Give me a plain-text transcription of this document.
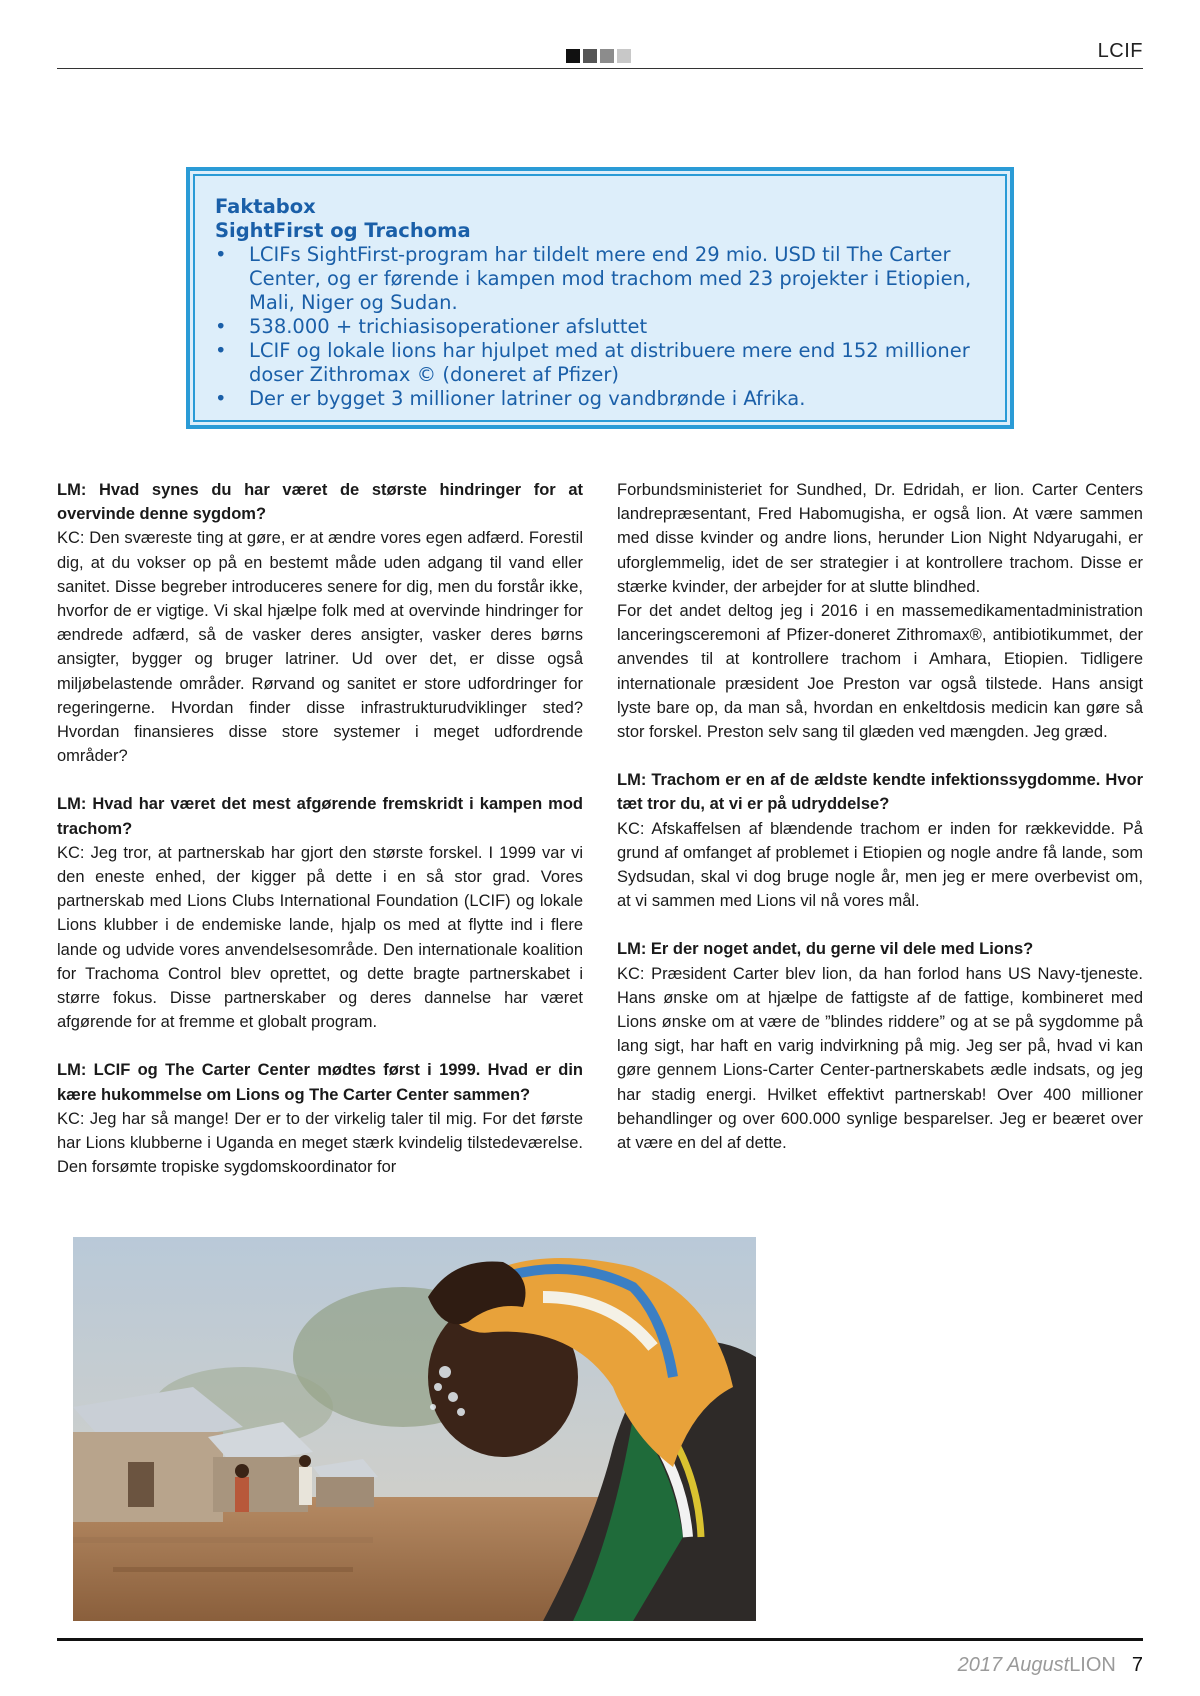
LCIF
Faktabox
SightFirst og Trachoma
• LCIFs SightFirst-program har tildelt mere end 29 mio. USD til The Carter Center, og er førende i kampen mod trachom med 23 projekter i Etiopien, Mali, Niger og Sudan.
• 538.000 + trichiasisoperationer afsluttet
• LCIF og lokale lions har hjulpet med at distribuere mere end 152 millioner doser Zithromax © (doneret af Pfizer)
• Der er bygget 3 millioner latriner og vandbrønde i Afrika.

LM: Hvad synes du har været de største hindringer for at overvinde denne sygdom?

KC: Den sværeste ting at gøre, er at ændre vores egen adfærd. Forestil dig, at du vokser op på en bestemt måde uden adgang til vand eller sanitet. Disse begreber introduceres senere for dig, men du forstår ikke, hvorfor de er vigtige. Vi skal hjælpe folk med at overvinde hindringer for ændrede adfærd, så de vasker deres ansigter, vasker deres børns ansigter, bygger og bruger latriner. Ud over det, er disse også miljøbelastende områder. Rørvand og sanitet er store udfordringer for regeringerne. Hvordan finder disse infrastrukturudviklinger sted? Hvordan finansieres disse store systemer i meget udfordrende områder?

LM: Hvad har været det mest afgørende fremskridt i kampen mod trachom?

KC: Jeg tror, at partnerskab har gjort den største forskel. I 1999 var vi den eneste enhed, der kigger på dette i en så stor grad. Vores partnerskab med Lions Clubs International Foundation (LCIF) og lokale Lions klubber i de endemiske lande, hjalp os med at flytte ind i flere lande og udvide vores anvendelsesområde. Den internationale koalition for Trachoma Control blev oprettet, og dette bragte partnerskabet i større fokus. Disse partnerskaber og deres dannelse har været afgørende for at fremme et globalt program.

LM: LCIF og The Carter Center mødtes først i 1999. Hvad er din kære hukommelse om Lions og The Carter Center sammen?

KC: Jeg har så mange! Der er to der virkelig taler til mig. For det første har Lions klubberne i Uganda en meget stærk kvindelig tilstedeværelse. Den forsømte tropiske sygdomskoordinator for

Forbundsministeriet for Sundhed, Dr. Edridah, er lion. Carter Centers landrepræsentant, Fred Habomugisha, er også lion. At være sammen med disse kvinder og andre lions, herunder Lion Night Ndyarugahi, er uforglemmelig, idet de ser strategier i at kontrollere trachom. Disse er stærke kvinder, der arbejder for at slutte blindhed.

For det andet deltog jeg i 2016 i en massemedikamentadministration lanceringsceremoni af Pfizer-doneret Zithromax®, antibiotikummet, der anvendes til at kontrollere trachom i Amhara, Etiopien. Tidligere internationale præsident Joe Preston var også tilstede. Hans ansigt lyste bare op, da man så, hvordan en enkeltdosis medicin kan gøre så stor forskel. Preston selv sang til glæden ved mængden. Jeg græd.

LM: Trachom er en af de ældste kendte infektionssygdomme. Hvor tæt tror du, at vi er på udryddelse?

KC: Afskaffelsen af blændende trachom er inden for rækkevidde. På grund af omfanget af problemet i Etiopien og nogle andre få lande, som Sydsudan, skal vi dog bruge nogle år, men jeg er mere overbevist om, at vi sammen med Lions vil nå vores mål.

LM: Er der noget andet, du gerne vil dele med Lions?

KC: Præsident Carter blev lion, da han forlod hans US Navy-tjeneste. Hans ønske om at hjælpe de fattigste af de fattige, kombineret med Lions ønske om at være de ”blindes riddere” og at se på sygdomme på lang sigt, har haft en varig indvirkning på mig. Jeg ser på, hvad vi kan gøre gennem Lions-Carter Center-partnerskabets ædle indsats, og jeg har stadig energi. Hvilket effektivt partnerskab! Over 400 millioner behandlinger og over 600.000 synlige besparelser. Jeg er beæret over at være en del af dette.

2017 AugustLION 7
